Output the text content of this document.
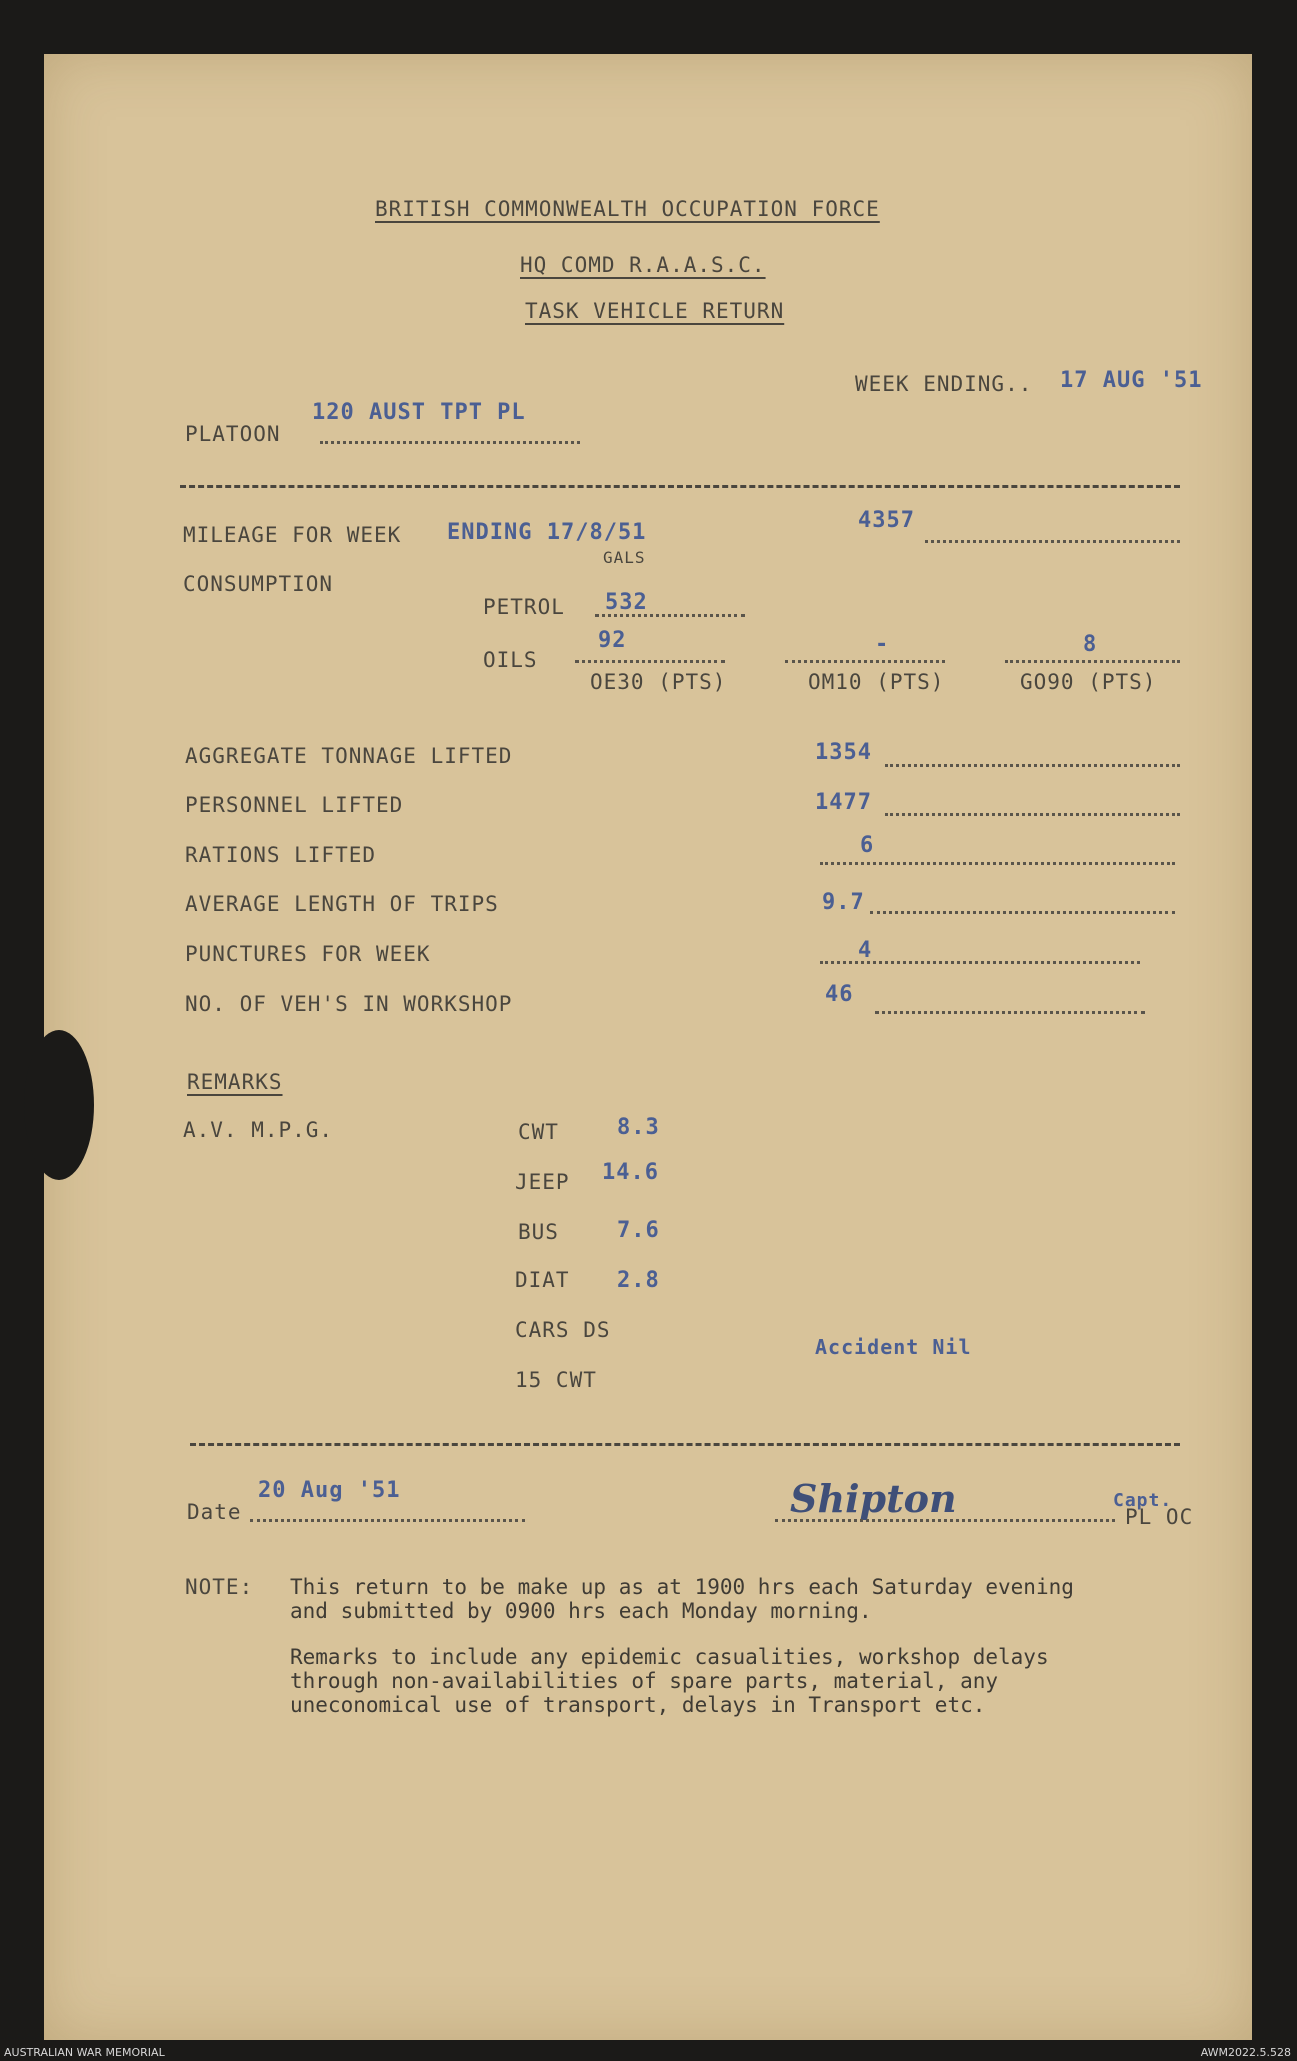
BRITISH COMMONWEALTH OCCUPATION FORCE
HQ COMD R.A.A.S.C.
TASK VEHICLE RETURN
WEEK ENDING.. 17 AUG '51
PLATOON
120 AUST TPT PL
MILEAGE FOR WEEK ENDING 17/8/51	4357
CONSUMPTION
GALS
PETROL 532
OILS
92	-	8
OE30 (PTS)	OM10 (PTS)	GO90 (PTS)
AGGREGATE TONNAGE LIFTED	1354
PERSONNEL LIFTED	1477
RATIONS LIFTED	6
AVERAGE LENGTH OF TRIPS	9.7
PUNCTURES FOR WEEK	4
NO. OF VEH'S IN WORKSHOP	46
REMARKS
A.V. M.P.G.	CWT	8.3
JEEP 14.6
BUS	7.6
DIAT 2.8
CARS DS
15 CWT
Accident Nil
Date
20 Aug '51	Shipton	Capt.
PL OC
NOTE: This return to be make up as at 1900 hrs each Saturday evening
and submitted by 0900 hrs each Monday morning.
Remarks to include any epidemic casualities, workshop delays
through non-availabilities of spare parts, material, any
uneconomical use of transport, delays in Transport etc.
AUSTRALIAN WAR MEMORIAL	AWM2022.5.528
